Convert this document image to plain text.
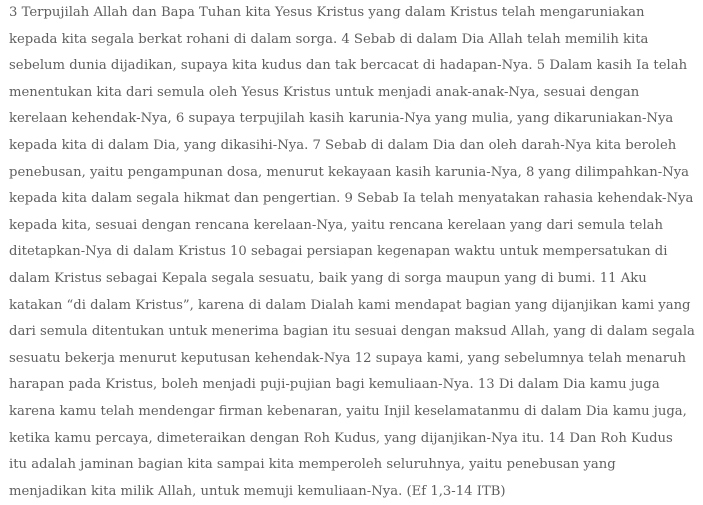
3 Terpujilah Allah dan Bapa Tuhan kita Yesus Kristus yang dalam Kristus telah mengaruniakan
kepada kita segala berkat rohani di dalam sorga. 4 Sebab di dalam Dia Allah telah memilih kita
sebelum dunia dijadikan, supaya kita kudus dan tak bercacat di hadapan-Nya. 5 Dalam kasih Ia telah
menentukan kita dari semula oleh Yesus Kristus untuk menjadi anak-anak-Nya, sesuai dengan
kerelaan kehendak-Nya, 6 supaya terpujilah kasih karunia-Nya yang mulia, yang dikaruniakan-Nya
kepada kita di dalam Dia, yang dikasihi-Nya. 7 Sebab di dalam Dia dan oleh darah-Nya kita beroleh
penebusan, yaitu pengampunan dosa, menurut kekayaan kasih karunia-Nya, 8 yang dilimpahkan-Nya
kepada kita dalam segala hikmat dan pengertian. 9 Sebab Ia telah menyatakan rahasia kehendak-Nya
kepada kita, sesuai dengan rencana kerelaan-Nya, yaitu rencana kerelaan yang dari semula telah
ditetapkan-Nya di dalam Kristus 10 sebagai persiapan kegenapan waktu untuk mempersatukan di
dalam Kristus sebagai Kepala segala sesuatu, baik yang di sorga maupun yang di bumi. 11 Aku
katakan “di dalam Kristus”, karena di dalam Dialah kami mendapat bagian yang dijanjikan kami yang
dari semula ditentukan untuk menerima bagian itu sesuai dengan maksud Allah, yang di dalam segala
sesuatu bekerja menurut keputusan kehendak-Nya 12 supaya kami, yang sebelumnya telah menaruh
harapan pada Kristus, boleh menjadi puji-pujian bagi kemuliaan-Nya. 13 Di dalam Dia kamu juga
karena kamu telah mendengar firman kebenaran, yaitu Injil keselamatanmu di dalam Dia kamu juga,
ketika kamu percaya, dimeteraikan dengan Roh Kudus, yang dijanjikan-Nya itu. 14 Dan Roh Kudus
itu adalah jaminan bagian kita sampai kita memperoleh seluruhnya, yaitu penebusan yang
menjadikan kita milik Allah, untuk memuji kemuliaan-Nya. (Ef 1,3-14 ITB)
